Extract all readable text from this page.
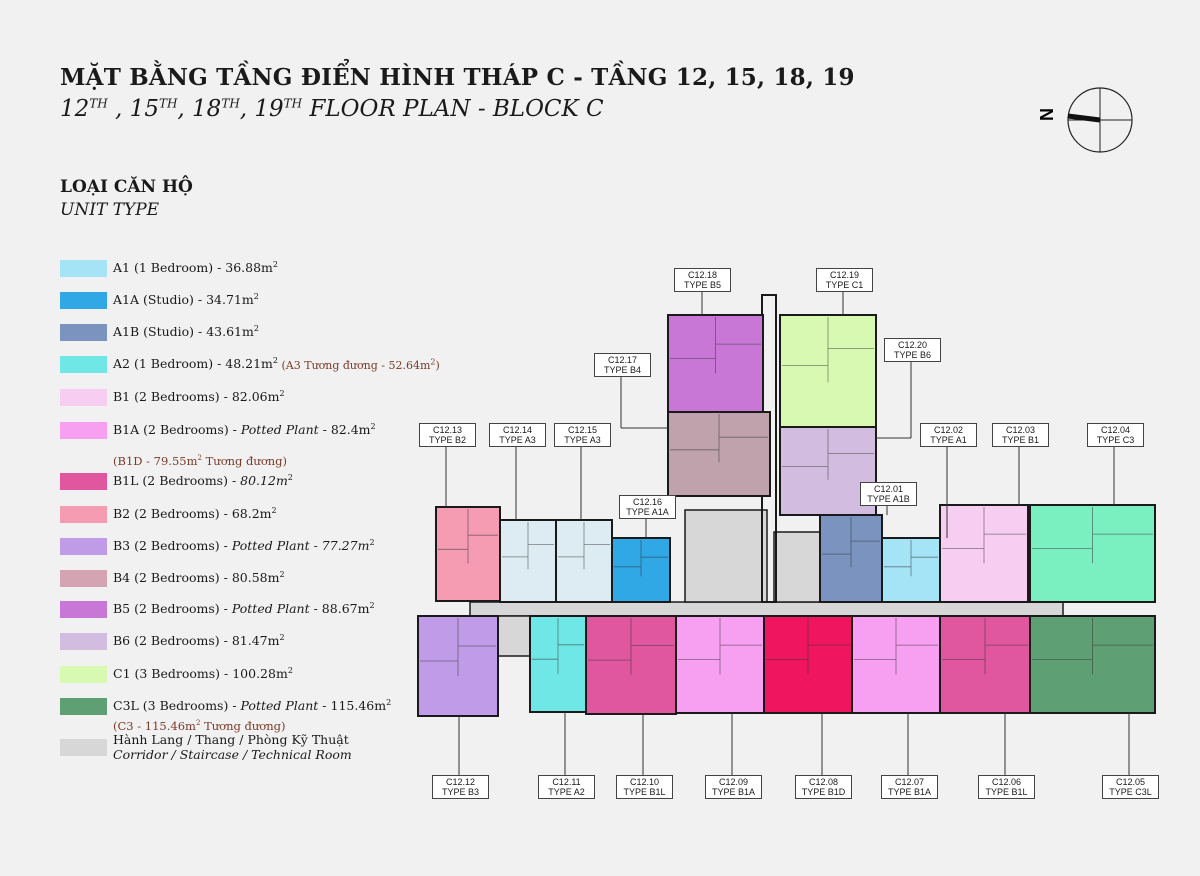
MẶT BẰNG TẦNG ĐIỂN HÌNH THÁP C - TẦNG 12, 15, 18, 19
12TH , 15TH, 18TH, 19TH FLOOR PLAN - BLOCK C
LOẠI CĂN HỘ
UNIT TYPE
A1 (1 Bedroom) - $36.88m^2$
A1A (Studio) - $34.71m^2$
A1B (Studio) - $43.61m^2$
A2 (1 Bedroom) - $48.21m^2$ (A3 Tương đương - $52.64m^2$)
B1 (2 Bedrooms) - $82.06m^2$
B1A (2 Bedrooms) - Potted Plant - $82.4m^2$
B1L (2 Bedrooms) - $80.12m^2$
B2 (2 Bedrooms) - $68.2m^2$
B3 (2 Bedrooms) - Potted Plant - $77.27m^2$
B4 (2 Bedrooms) - $80.58m^2$
B5 (2 Bedrooms) - Potted Plant - $88.67m^2$
B6 (2 Bedrooms) - $81.47m^2$
C1 (3 Bedrooms) - $100.28m^2$
C3L (3 Bedrooms) - Potted Plant - $115.46m^2$
Hành Lang / Thang / Phòng Kỹ Thuật
Corridor / Staircase / Technical Room
($B1D - 79.55m^2$ Tương đương)
($C3 - 115.46m^2$ Tương đương)
N
C12.18
TYPE B5
C12.19
TYPE C1
C12.17
TYPE B4
C12.20
TYPE B6
C12.13
TYPE B2
C12.14
TYPE A3
C12.15
TYPE A3
C12.16
TYPE A1A
C12.01
TYPE A1B
C12.02
TYPE A1
C12.03
TYPE B1
C12.04
TYPE C3
C12.12
TYPE B3
C12.11
TYPE A2
C12.10
TYPE B1L
C12.09
TYPE B1A
C12.08
TYPE B1D
C12.07
TYPE B1A
C12.06
TYPE B1L
C12.05
TYPE C3L
